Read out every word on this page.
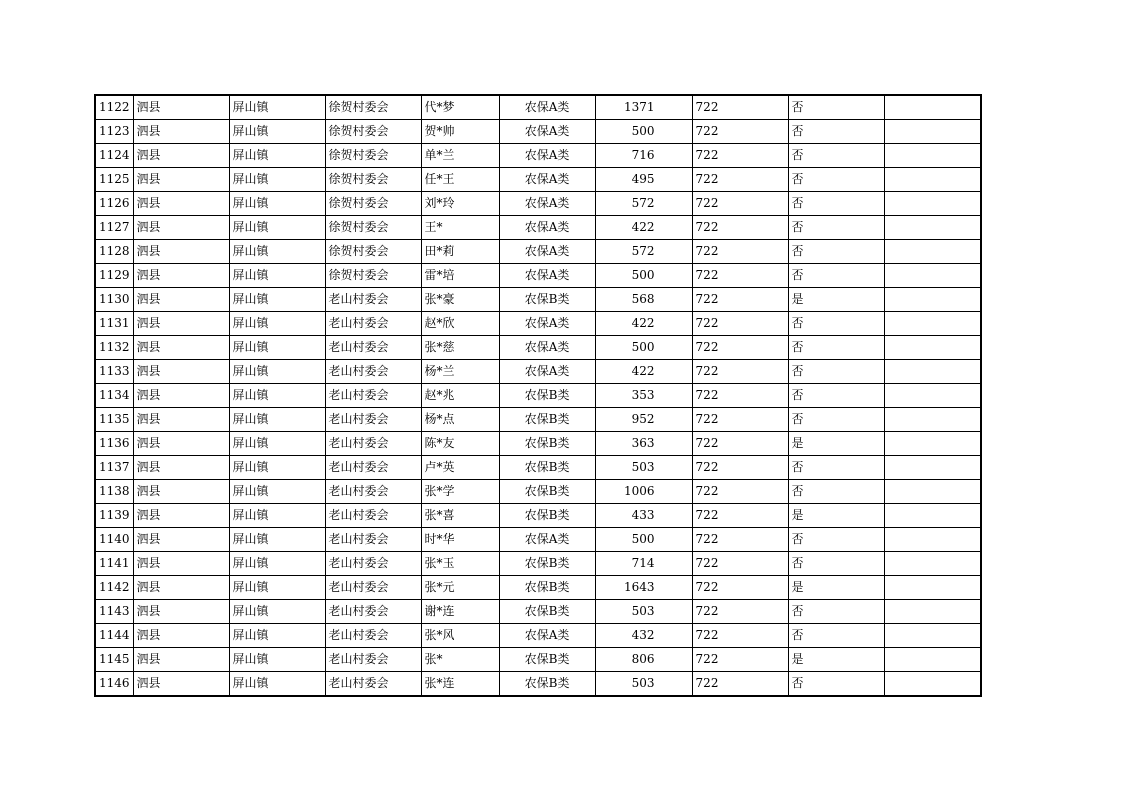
1122	泗县	屏山镇	徐贺村委会	代*梦	农保A类	1371	722	否	
1123	泗县	屏山镇	徐贺村委会	贺*帅	农保A类	500	722	否	
1124	泗县	屏山镇	徐贺村委会	单*兰	农保A类	716	722	否	
1125	泗县	屏山镇	徐贺村委会	任*王	农保A类	495	722	否	
1126	泗县	屏山镇	徐贺村委会	刘*玲	农保A类	572	722	否	
1127	泗县	屏山镇	徐贺村委会	王*	农保A类	422	722	否	
1128	泗县	屏山镇	徐贺村委会	田*莉	农保A类	572	722	否	
1129	泗县	屏山镇	徐贺村委会	雷*培	农保A类	500	722	否	
1130	泗县	屏山镇	老山村委会	张*豪	农保B类	568	722	是	
1131	泗县	屏山镇	老山村委会	赵*欣	农保A类	422	722	否	
1132	泗县	屏山镇	老山村委会	张*慈	农保A类	500	722	否	
1133	泗县	屏山镇	老山村委会	杨*兰	农保A类	422	722	否	
1134	泗县	屏山镇	老山村委会	赵*兆	农保B类	353	722	否	
1135	泗县	屏山镇	老山村委会	杨*点	农保B类	952	722	否	
1136	泗县	屏山镇	老山村委会	陈*友	农保B类	363	722	是	
1137	泗县	屏山镇	老山村委会	卢*英	农保B类	503	722	否	
1138	泗县	屏山镇	老山村委会	张*学	农保B类	1006	722	否	
1139	泗县	屏山镇	老山村委会	张*喜	农保B类	433	722	是	
1140	泗县	屏山镇	老山村委会	时*华	农保A类	500	722	否	
1141	泗县	屏山镇	老山村委会	张*玉	农保B类	714	722	否	
1142	泗县	屏山镇	老山村委会	张*元	农保B类	1643	722	是	
1143	泗县	屏山镇	老山村委会	谢*连	农保B类	503	722	否	
1144	泗县	屏山镇	老山村委会	张*风	农保A类	432	722	否	
1145	泗县	屏山镇	老山村委会	张*	农保B类	806	722	是	
1146	泗县	屏山镇	老山村委会	张*连	农保B类	503	722	否	
